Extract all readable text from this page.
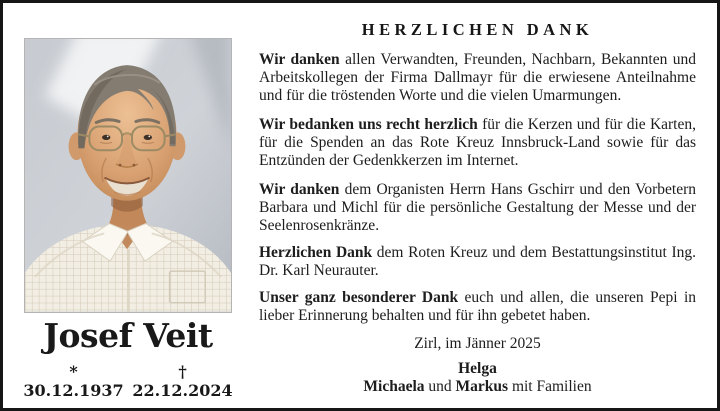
Josef Veit
* 30.12.1937
† 22.12.2024
HERZLICHEN DANK

Wir danken allen Verwandten, Freunden, Nachbarn, Bekannten und Arbeitskollegen der Firma Dallmayr für die erwiesene Anteilnahme und für die tröstenden Worte und die vielen Umarmungen.

Wir bedanken uns recht herzlich für die Kerzen und für die Karten, für die Spenden an das Rote Kreuz Innsbruck-Land sowie für das Entzünden der Gedenkkerzen im Internet.

Wir danken dem Organisten Herrn Hans Gschirr und den Vorbetern Barbara und Michl für die persönliche Gestaltung der Messe und der Seelenrosenkränze.

Herzlichen Dank dem Roten Kreuz und dem Bestattungsinstitut Ing. Dr. Karl Neurauter.

Unser ganz besonderer Dank euch und allen, die unseren Pepi in lieber Erinnerung behalten und für ihn gebetet haben.

Zirl, im Jänner 2025

Helga
Michaela und Markus mit Familien
